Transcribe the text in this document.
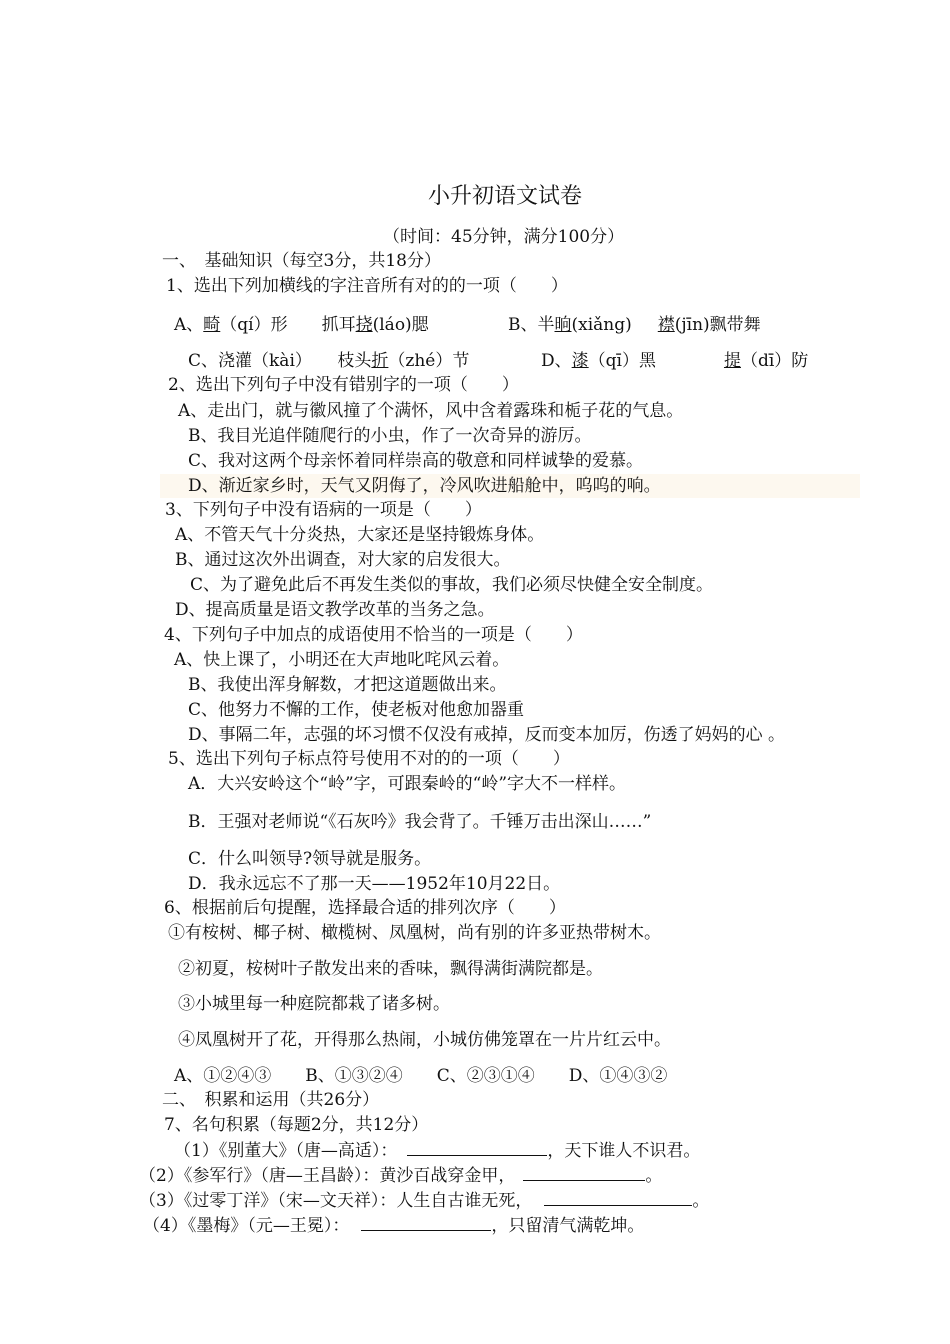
小升初语文试卷
（时间：45分钟，满分100分）
一、　基础知识（每空3分，共18分）
1、选出下列加横线的字注音所有对的的一项（　　）
A、畸（qí）形　　抓耳挠(láo)腮	B、半晌(xiǎng) 襟(jīn)飘带舞
C、浇灌（kài）　　枝头折（zhé）节	D、漆（qī）黑	提（dī）防
2、选出下列句子中没有错别字的一项（　　）
A、走出门，就与徽风撞了个满怀，风中含着露珠和栀子花的气息。
B、我目光追伴随爬行的小虫，作了一次奇异的游厉。
C、我对这两个母亲怀着同样崇高的敬意和同样诚挚的爱慕。
D、渐近家乡时，天气又阴侮了，冷风吹进船舱中，呜呜的响。
3、下列句子中没有语病的一项是（　　）
A、不管天气十分炎热，大家还是坚持锻炼身体。
B、通过这次外出调查，对大家的启发很大。
C、为了避免此后不再发生类似的事故，我们必须尽快健全安全制度。
D、提高质量是语文教学改革的当务之急。
4、下列句子中加点的成语使用不恰当的一项是（　　）
A、快上课了，小明还在大声地叱咤风云着。
B、我使出浑身解数，才把这道题做出来。
C、他努力不懈的工作，使老板对他愈加器重
D、事隔二年，志强的坏习惯不仅没有戒掉，反而变本加厉，伤透了妈妈的心 。
5、选出下列句子标点符号使用不对的的一项（　　）
A．大兴安岭这个“岭”字，可跟秦岭的“岭”字大不一样样。
B．王强对老师说“《石灰吟》我会背了。千锤万击出深山……”
C．什么叫领导?领导就是服务。
D．我永远忘不了那一天——1952年10月22日。
6、根据前后句提醒，选择最合适的排列次序（　　）
①有桉树、椰子树、橄榄树、凤凰树，尚有别的许多亚热带树木。
②初夏，桉树叶子散发出来的香味，飘得满街满院都是。
③小城里每一种庭院都栽了诸多树。
④凤凰树开了花，开得那么热闹，小城仿佛笼罩在一片片红云中。
A、①②④③　　B、①③②④　　C、②③①④　　D、①④③②
二、　积累和运用（共26分）
7、名句积累（每题2分，共12分）
（1）《别董大》（唐—高适）：	，天下谁人不识君。
（2）《参军行》（唐—王昌龄）：黄沙百战穿金甲，	。
（3）《过零丁洋》（宋—文天祥）：人生自古谁无死，	。
（4）《墨梅》（元—王冕）：	，只留清气满乾坤。
